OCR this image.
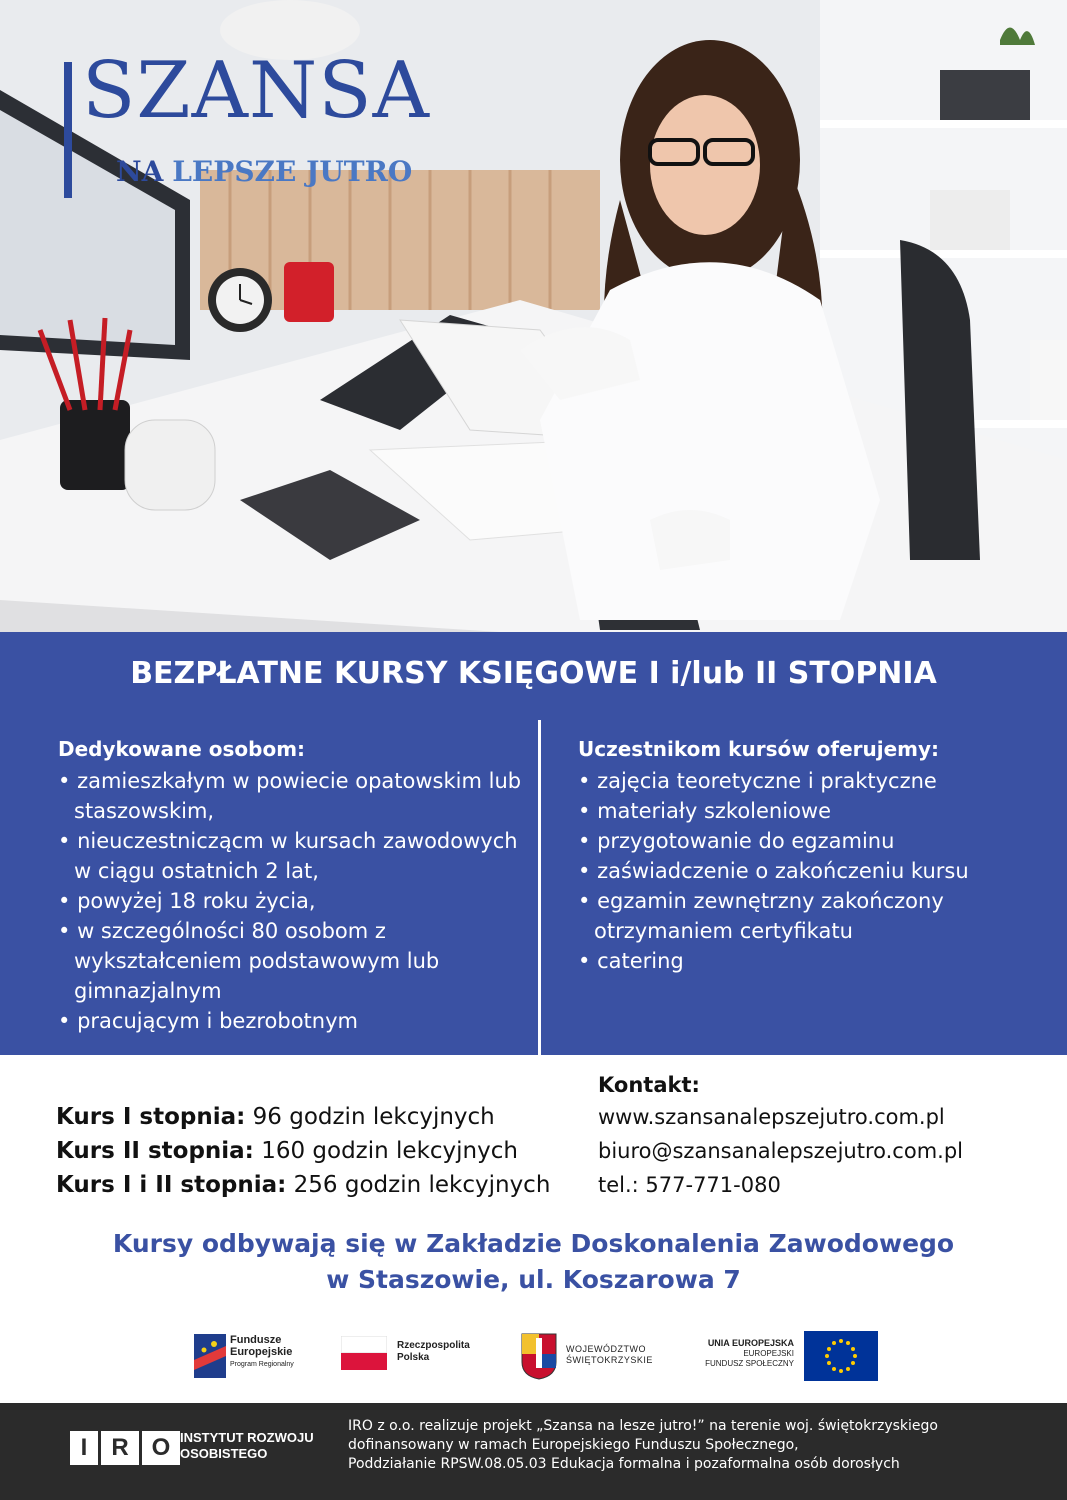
SZANSA
NA LEPSZE JUTRO
BEZPŁATNE KURSY KSIĘGOWE I i/lub II STOPNIA
Dedykowane osobom:
• zamieszkałym w powiecie opatowskim lub staszowskim,
• nieuczestniczącm w kursach zawodowych w ciągu ostatnich 2 lat,
• powyżej 18 roku życia,
• w szczególności 80 osobom z wykształceniem podstawowym lub gimnazjalnym
• pracującym i bezrobotnym
Uczestnikom kursów oferujemy:
• zajęcia teoretyczne i praktyczne
• materiały szkoleniowe
• przygotowanie do egzaminu
• zaświadczenie o zakończeniu kursu
• egzamin zewnętrzny zakończony otrzymaniem certyfikatu
• catering
Kurs I stopnia: 96 godzin lekcyjnych
Kurs II stopnia: 160 godzin lekcyjnych
Kurs I i II stopnia: 256 godzin lekcyjnych
Kontakt:
www.szansanalepszejutro.com.pl
biuro@szansanalepszejutro.com.pl
tel.: 577-771-080
Kursy odbywają się w Zakładzie Doskonalenia Zawodowego
w Staszowie, ul. Koszarowa 7
Fundusze
Europejskie
Program Regionalny
Rzeczpospolita
Polska
WOJEWÓDZTWO
ŚWIĘTOKRZYSKIE
UNIA EUROPEJSKA
EUROPEJSKI
FUNDUSZ SPOŁECZNY
I	R O INSTYTUT ROZWOJU
OSOBISTEGO
IRO z o.o. realizuje projekt „Szansa na lesze jutro!” na terenie woj. świętokrzyskiego
dofinansowany w ramach Europejskiego Funduszu Społecznego,
Poddziałanie RPSW.08.05.03 Edukacja formalna i pozaformalna osób dorosłych
